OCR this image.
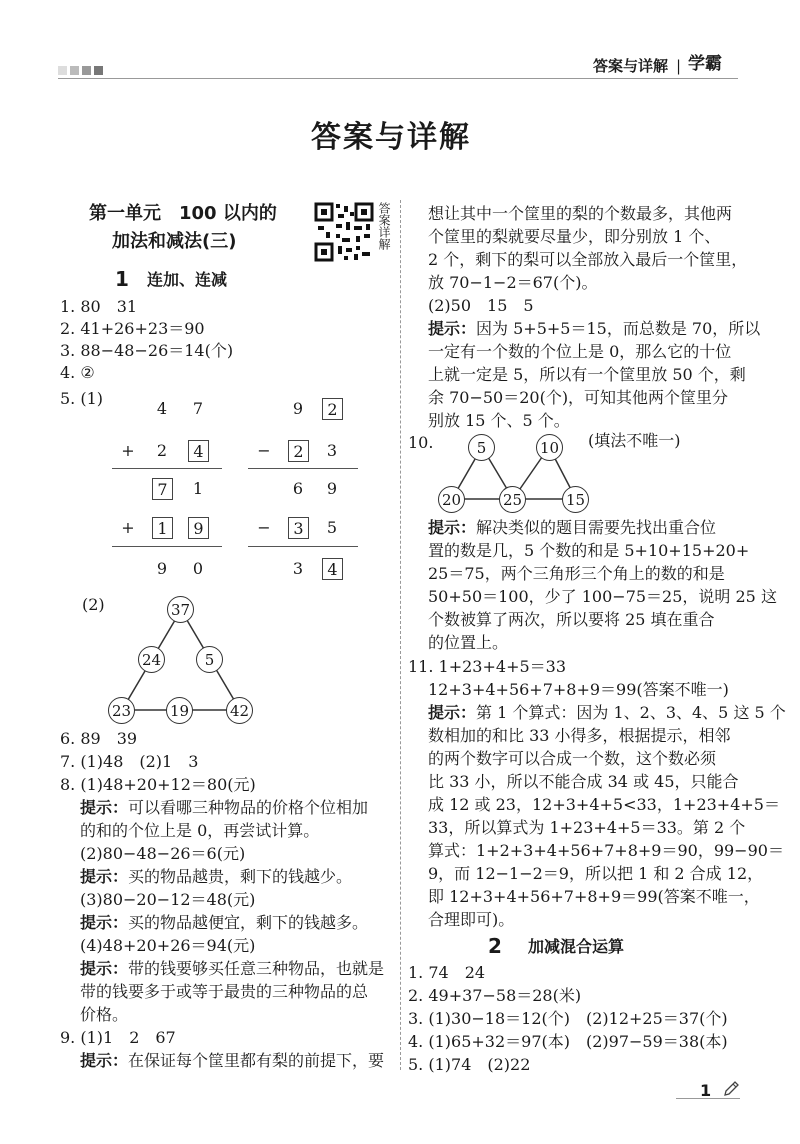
答案与详解 | 学霸
答案与详解
第一单元　100 以内的
加法和减法(三)	答案详解
1 连加、连减
1. 80　31
2. 41+26+23＝90
3. 88−48−26＝14(个)
4. ②
5. (1)
4	7
+	2	4
7	1
+	1	9
9	0
9	2
−	2	3
6	9
−	3	5
3	4
(2)	37
24	5
23	19	42
6. 89　39
7. (1)48　(2)1　3
8. (1)48+20+12＝80(元)
提示：可以看哪三种物品的价格个位相加
的和的个位上是 0，再尝试计算。
(2)80−48−26＝6(元)
提示：买的物品越贵，剩下的钱越少。
(3)80−20−12＝48(元)
提示：买的物品越便宜，剩下的钱越多。
(4)48+20+26＝94(元)
提示：带的钱要够买任意三种物品，也就是
带的钱要多于或等于最贵的三种物品的总
价格。
9. (1)1　2　67
提示：在保证每个筐里都有梨的前提下，要
想让其中一个筐里的梨的个数最多，其他两
个筐里的梨就要尽量少，即分别放 1 个、
2 个，剩下的梨可以全部放入最后一个筐里，
放 70−1−2＝67(个)。
(2)50　15　5
提示：因为 5+5+5＝15，而总数是 70，所以
一定有一个数的个位上是 0，那么它的十位
上就一定是 5，所以有一个筐里放 50 个，剩
余 70−50＝20(个)，可知其他两个筐里分
别放 15 个、5 个。
10.	(填法不唯一)
5	10
20	25	15
提示：解决类似的题目需要先找出重合位
置的数是几，5 个数的和是 5+10+15+20+
25＝75，两个三角形三个角上的数的和是
50+50＝100，少了 100−75＝25，说明 25 这
个数被算了两次，所以要将 25 填在重合
的位置上。
11. 1+23+4+5＝33
12+3+4+56+7+8+9＝99(答案不唯一)
提示：第 1 个算式：因为 1、2、3、4、5 这 5 个
数相加的和比 33 小得多，根据提示，相邻
的两个数字可以合成一个数，这个数必须
比 33 小，所以不能合成 34 或 45，只能合
成 12 或 23，12+3+4+5<33，1+23+4+5＝
33，所以算式为 1+23+4+5＝33。第 2 个
算式：1+2+3+4+56+7+8+9＝90，99−90＝
9，而 12−1−2＝9，所以把 1 和 2 合成 12，
即 12+3+4+56+7+8+9＝99(答案不唯一，
合理即可)。
2 加减混合运算
1. 74　24
2. 49+37−58＝28(米)
3. (1)30−18＝12(个)　(2)12+25＝37(个)
4. (1)65+32＝97(本)　(2)97−59＝38(本)
5. (1)74　(2)22
1
